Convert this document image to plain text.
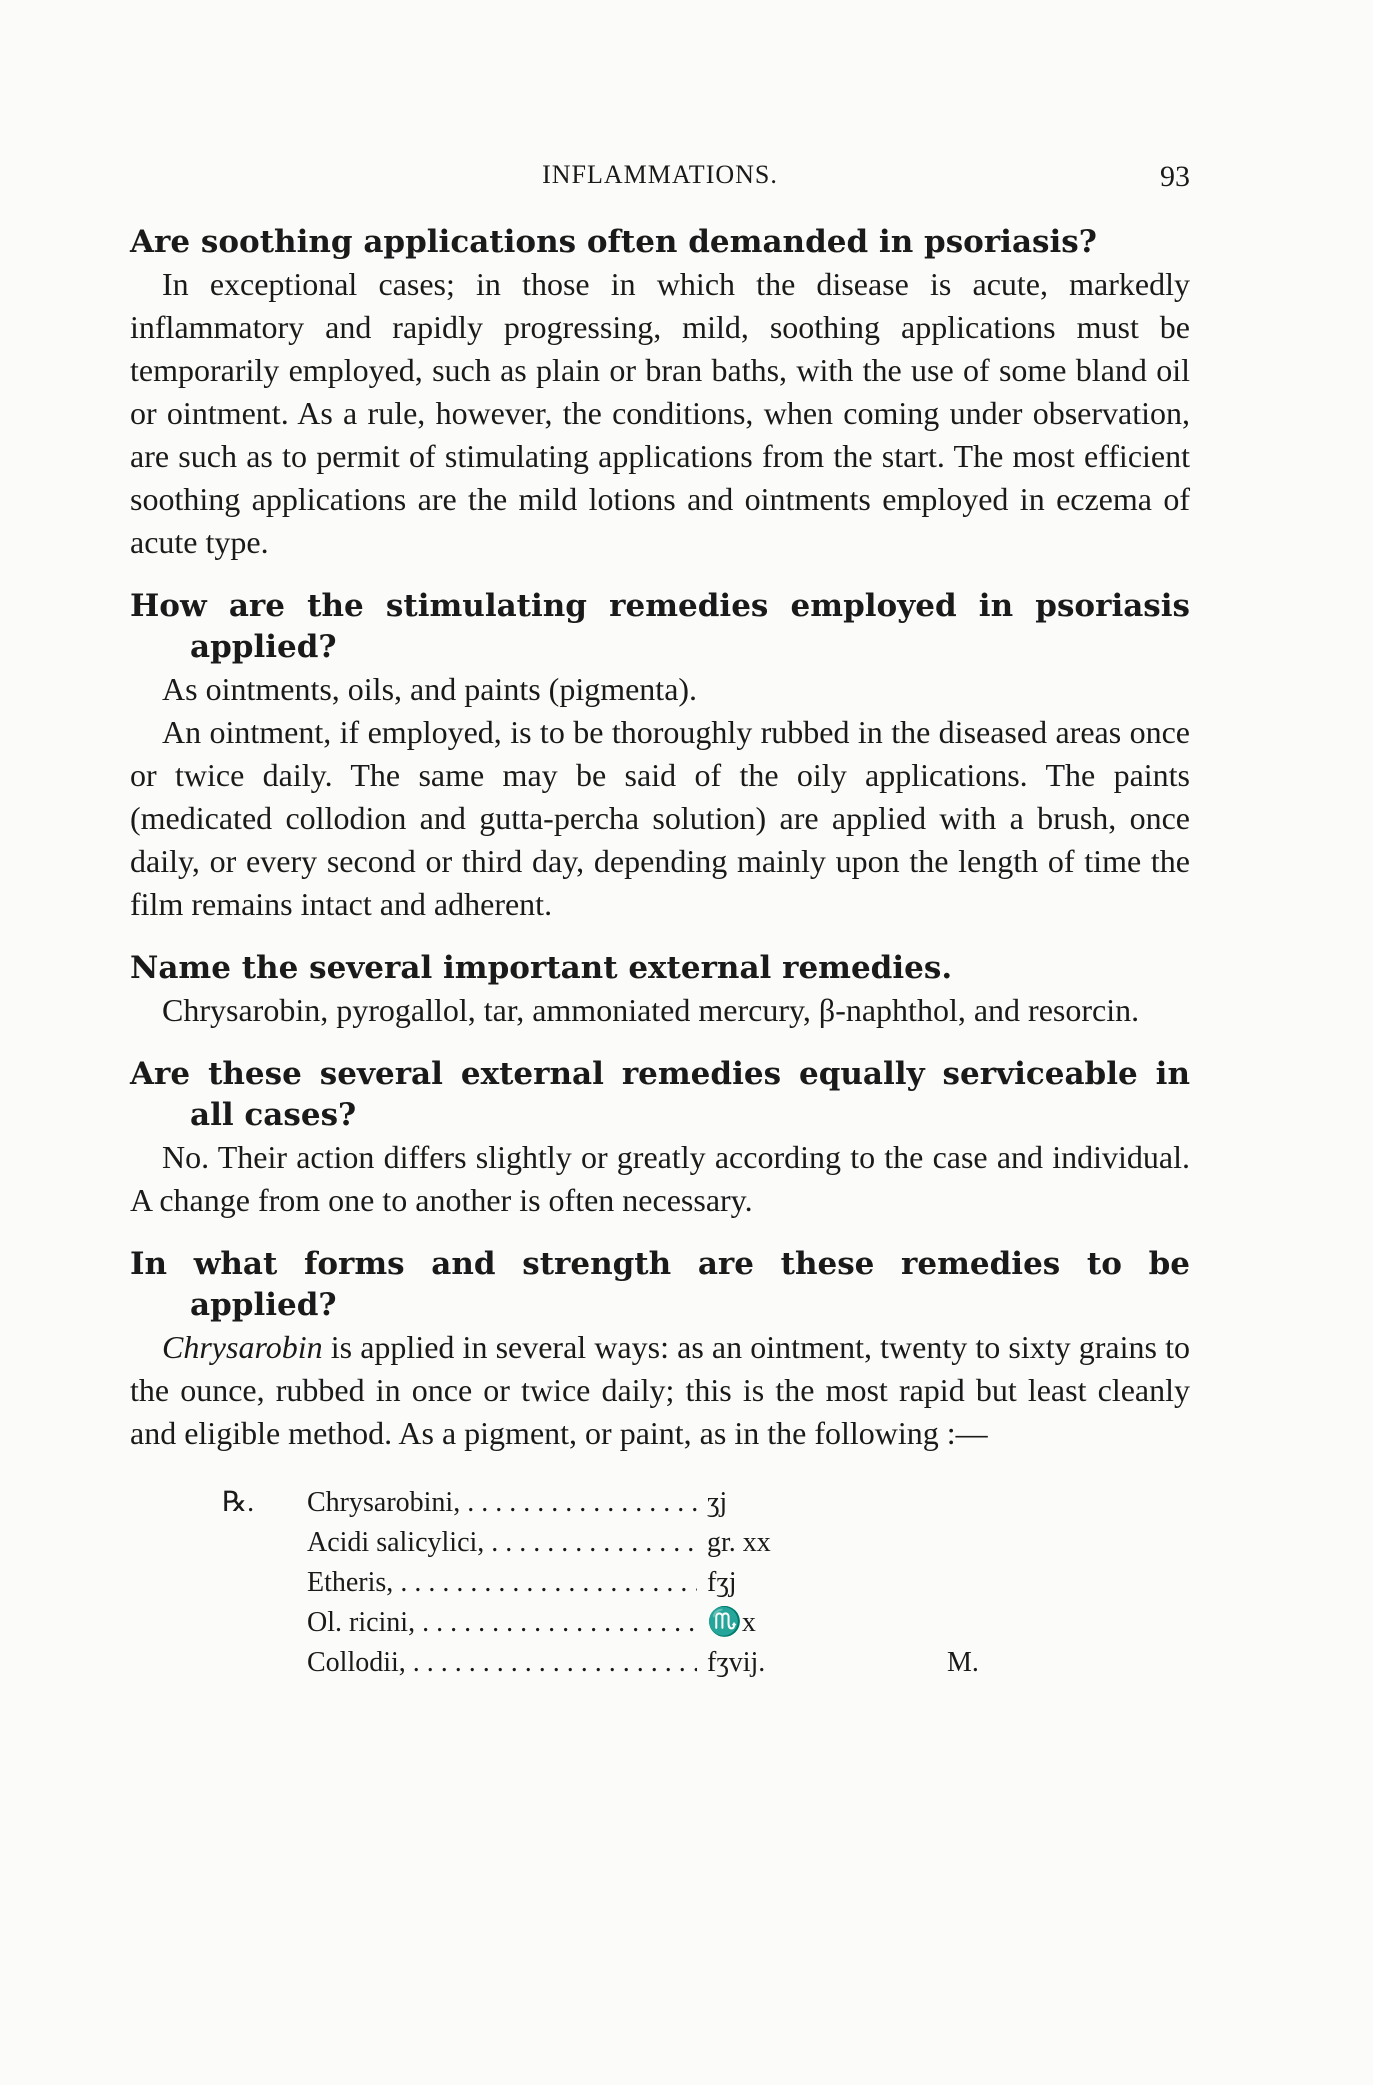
INFLAMMATIONS.	93

Are soothing applications often demanded in psoriasis?

In exceptional cases; in those in which the disease is acute, markedly inflammatory and rapidly progressing, mild, soothing applications must be temporarily employed, such as plain or bran baths, with the use of some bland oil or ointment. As a rule, however, the conditions, when coming under observation, are such as to permit of stimulating applications from the start. The most efficient soothing applications are the mild lotions and ointments employed in eczema of acute type.

How are the stimulating remedies employed in psoriasis applied?

As ointments, oils, and paints (pigmenta).

An ointment, if employed, is to be thoroughly rubbed in the diseased areas once or twice daily. The same may be said of the oily applications. The paints (medicated collodion and gutta-percha solution) are applied with a brush, once daily, or every second or third day, depending mainly upon the length of time the film remains intact and adherent.

Name the several important external remedies.

Chrysarobin, pyrogallol, tar, ammoniated mercury, β-naphthol, and resorcin.

Are these several external remedies equally serviceable in all cases?

No. Their action differs slightly or greatly according to the case and individual. A change from one to another is often necessary.

In what forms and strength are these remedies to be applied?

Chrysarobin is applied in several ways: as an ointment, twenty to sixty grains to the ounce, rubbed in once or twice daily; this is the most rapid but least cleanly and eligible method. As a pigment, or paint, as in the following :—

℞.	Chrysarobini, . . .	ʒj
Acidi salicylici, . . .	gr. xx
Etheris, . . .	fʒj
Ol. ricini, . . .	♏x
Collodii, . . .	fʒvij.	M.
